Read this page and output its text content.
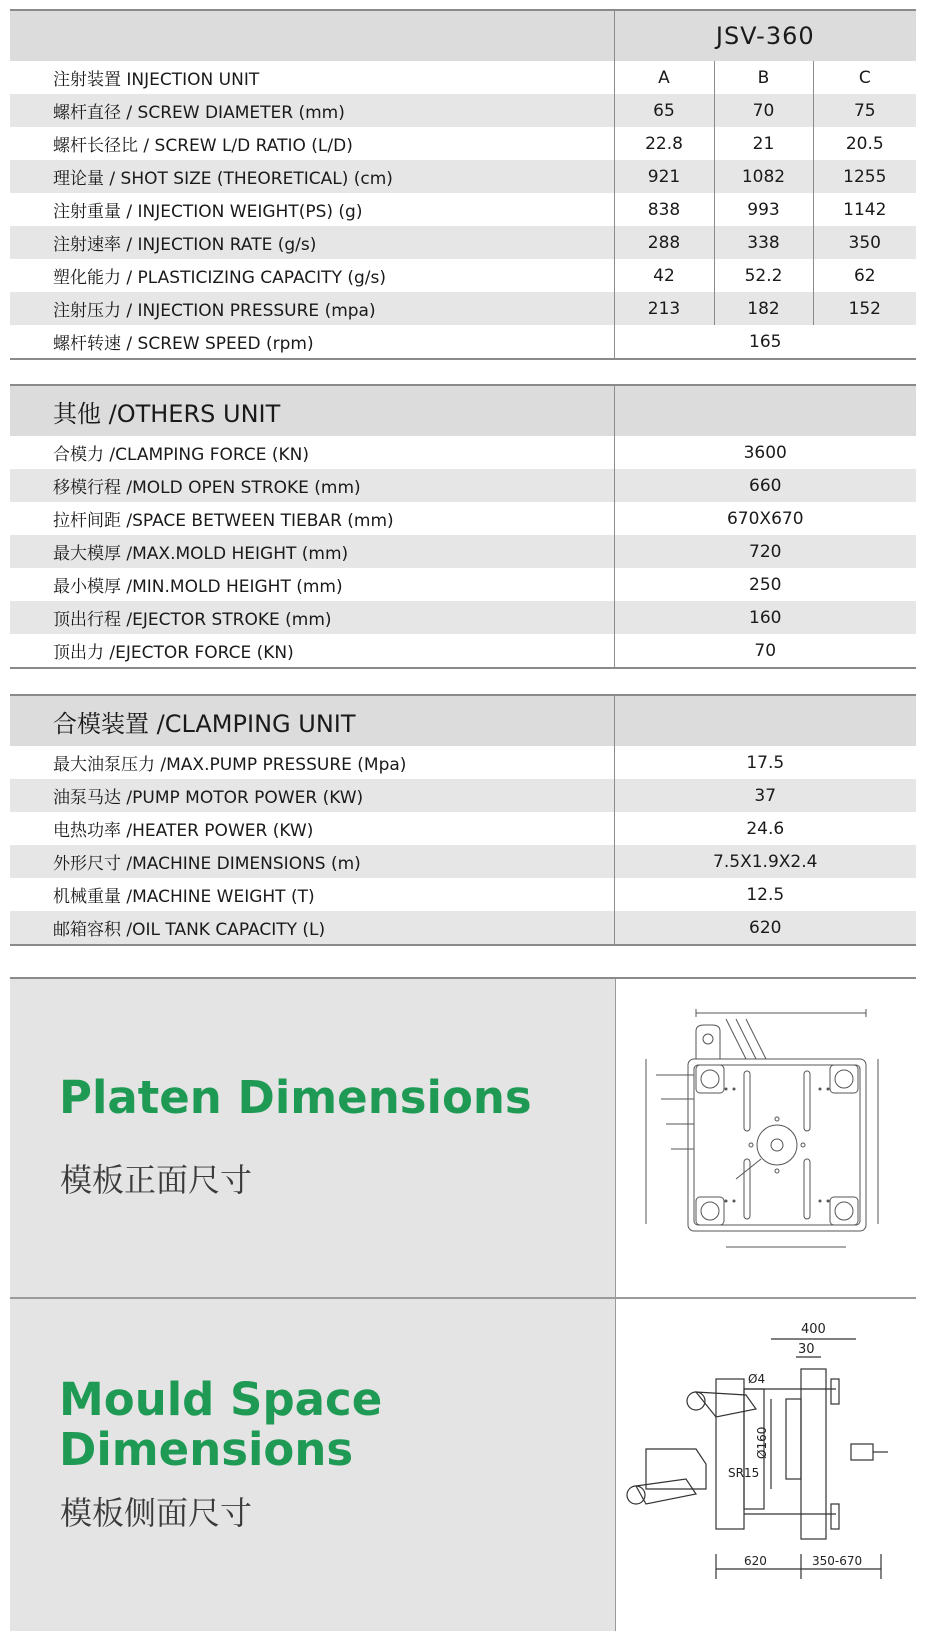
	JSV-360		
注射装置 INJECTION UNIT	A	B	C
螺杆直径 / SCREW DIAMETER (mm)	65	70	75
螺杆长径比 / SCREW L/D RATIO (L/D)	22.8	21	20.5
理论量 / SHOT SIZE (THEORETICAL) (cm)	921	1082	1255
注射重量 / INJECTION WEIGHT(PS) (g)	838	993	1142
注射速率 / INJECTION RATE (g/s)	288	338	350
塑化能力 / PLASTICIZING CAPACITY (g/s)	42	52.2	62
注射压力 / INJECTION PRESSURE (mpa)	213	182	152
螺杆转速 / SCREW SPEED (rpm)	165		
其他 /OTHERS UNIT	
合模力 /CLAMPING FORCE (KN)	3600
移模行程 /MOLD OPEN STROKE (mm)	660
拉杆间距 /SPACE BETWEEN TIEBAR (mm)	670X670
最大模厚 /MAX.MOLD HEIGHT (mm)	720
最小模厚 /MIN.MOLD HEIGHT (mm)	250
顶出行程 /EJECTOR STROKE (mm)	160
顶出力 /EJECTOR FORCE (KN)	70
合模装置 /CLAMPING UNIT	
最大油泵压力 /MAX.PUMP PRESSURE (Mpa)	17.5
油泵马达 /PUMP MOTOR POWER (KW)	37
电热功率 /HEATER POWER (KW)	24.6
外形尺寸 /MACHINE DIMENSIONS (m)	7.5X1.9X2.4
机械重量 /MACHINE WEIGHT (T)	12.5
邮箱容积 /OIL TANK CAPACITY (L)	620
Platen Dimensions
模板正面尺寸
Mould Space
Dimensions
模板侧面尺寸
400
30
Ø4
Ø160
SR15
620	350-670
